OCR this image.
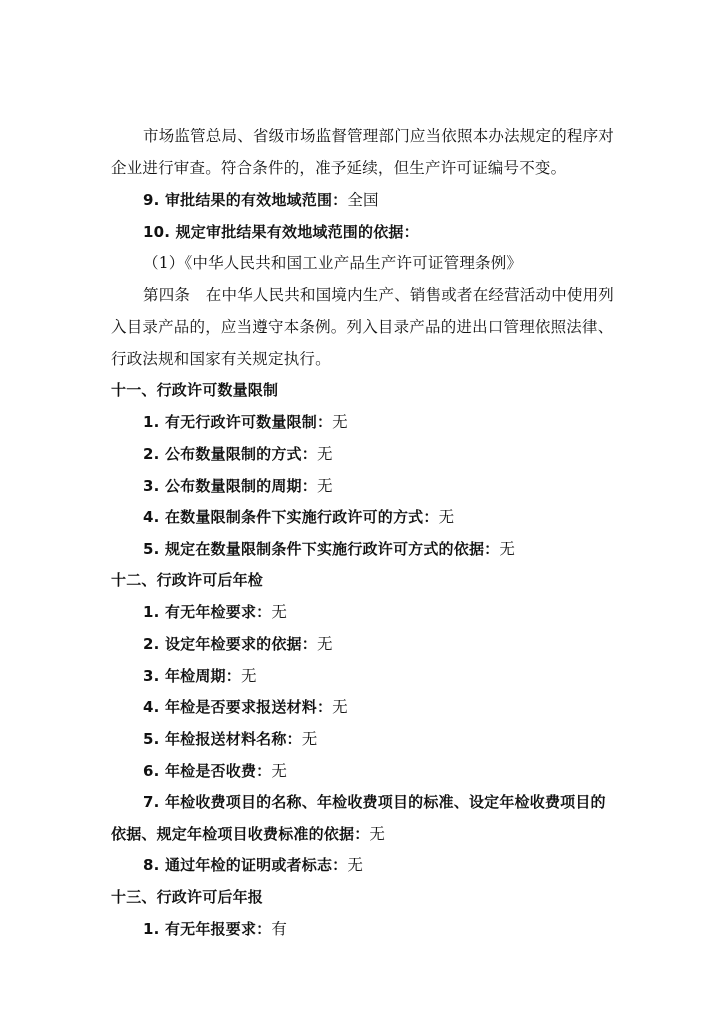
市场监管总局、省级市场监督管理部门应当依照本办法规定的程序对
企业进行审查。符合条件的，准予延续，但生产许可证编号不变。
9. 审批结果的有效地域范围：全国
10. 规定审批结果有效地域范围的依据：
（1）《中华人民共和国工业产品生产许可证管理条例》
第四条　在中华人民共和国境内生产、销售或者在经营活动中使用列
入目录产品的，应当遵守本条例。列入目录产品的进出口管理依照法律、
行政法规和国家有关规定执行。
十一、行政许可数量限制
1. 有无行政许可数量限制：无
2. 公布数量限制的方式：无
3. 公布数量限制的周期：无
4. 在数量限制条件下实施行政许可的方式：无
5. 规定在数量限制条件下实施行政许可方式的依据：无
十二、行政许可后年检
1. 有无年检要求：无
2. 设定年检要求的依据：无
3. 年检周期：无
4. 年检是否要求报送材料：无
5. 年检报送材料名称：无
6. 年检是否收费：无
7. 年检收费项目的名称、年检收费项目的标准、设定年检收费项目的
依据、规定年检项目收费标准的依据：无
8. 通过年检的证明或者标志：无
十三、行政许可后年报
1. 有无年报要求：有
